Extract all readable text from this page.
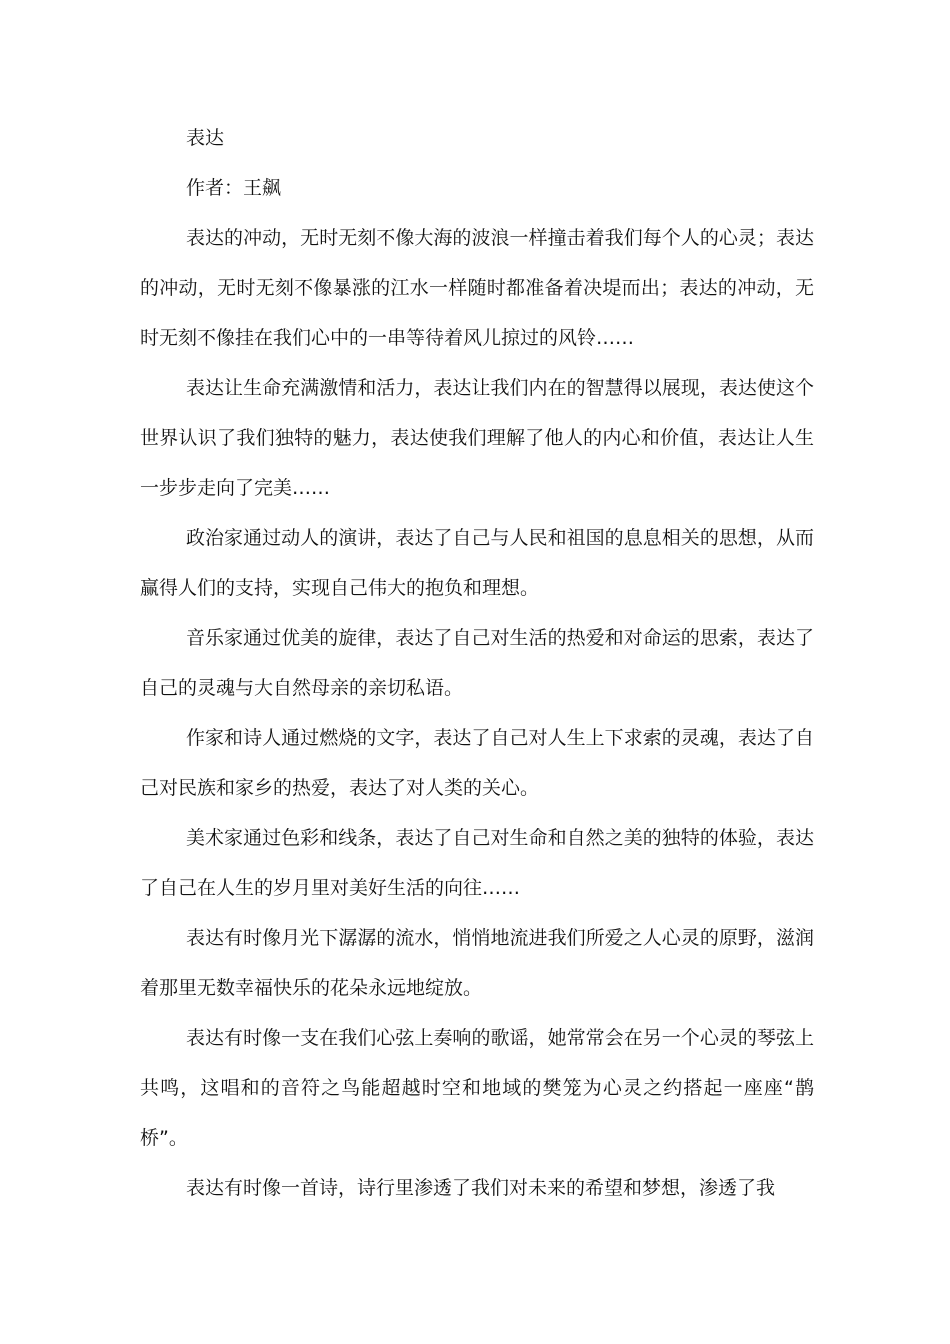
表达

作者：王飙

表达的冲动，无时无刻不像大海的波浪一样撞击着我们每个人的心灵；表达的冲动，无时无刻不像暴涨的江水一样随时都准备着决堤而出；表达的冲动，无时无刻不像挂在我们心中的一串等待着风儿掠过的风铃……

表达让生命充满激情和活力，表达让我们内在的智慧得以展现，表达使这个世界认识了我们独特的魅力，表达使我们理解了他人的内心和价值，表达让人生一步步走向了完美……

政治家通过动人的演讲，表达了自己与人民和祖国的息息相关的思想，从而赢得人们的支持，实现自己伟大的抱负和理想。

音乐家通过优美的旋律，表达了自己对生活的热爱和对命运的思索，表达了自己的灵魂与大自然母亲的亲切私语。

作家和诗人通过燃烧的文字，表达了自己对人生上下求索的灵魂，表达了自己对民族和家乡的热爱，表达了对人类的关心。

美术家通过色彩和线条，表达了自己对生命和自然之美的独特的体验，表达了自己在人生的岁月里对美好生活的向往……

表达有时像月光下潺潺的流水，悄悄地流进我们所爱之人心灵的原野，滋润着那里无数幸福快乐的花朵永远地绽放。

表达有时像一支在我们心弦上奏响的歌谣，她常常会在另一个心灵的琴弦上共鸣，这唱和的音符之鸟能超越时空和地域的樊笼为心灵之约搭起一座座“鹊桥”。

表达有时像一首诗，诗行里渗透了我们对未来的希望和梦想，渗透了我
